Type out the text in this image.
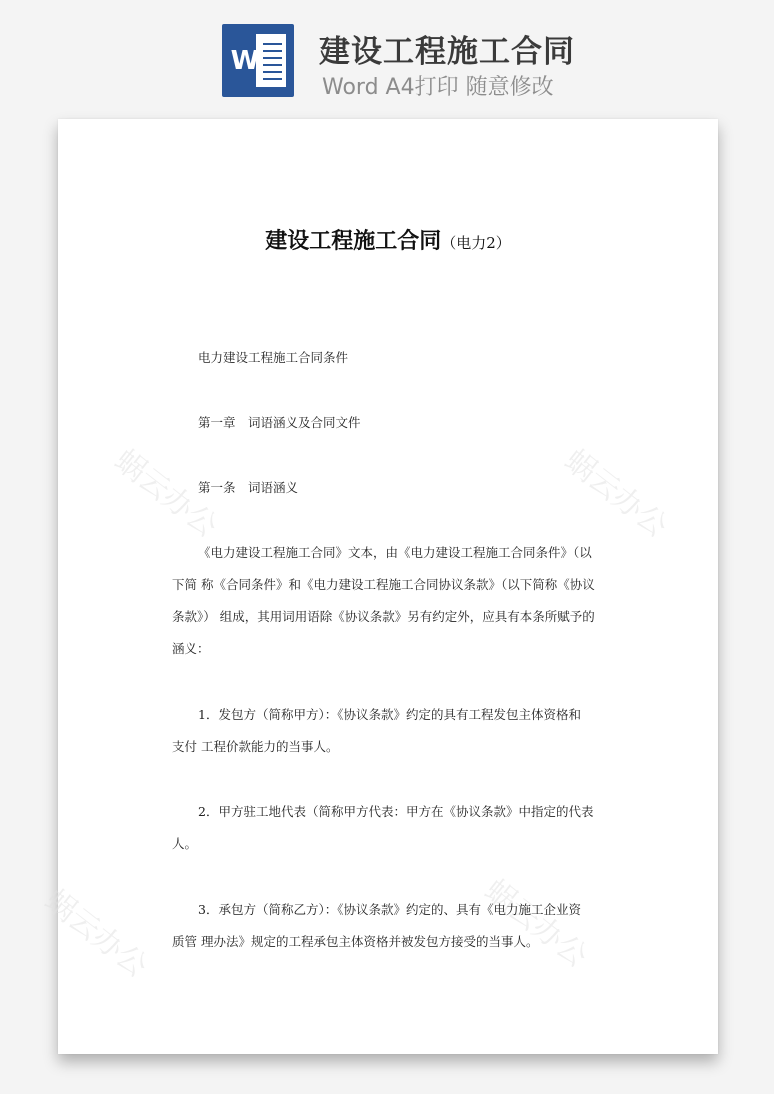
W 建设工程施工合同
Word A4打印 随意修改
蜗云办公	蜗云办公
蜗云办公	蜗云办公
建设工程施工合同（电力2）
电力建设工程施工合同条件
第一章　词语涵义及合同文件
第一条　词语涵义
《电力建设工程施工合同》文本，由《电力建设工程施工合同条件》（以
下简 称《合同条件》和《电力建设工程施工合同协议条款》（以下简称《协议
条款》） 组成，其用词用语除《协议条款》另有约定外，应具有本条所赋予的
涵义：
1．发包方（简称甲方）：《协议条款》约定的具有工程发包主体资格和
支付 工程价款能力的当事人。
2．甲方驻工地代表（简称甲方代表：甲方在《协议条款》中指定的代表
人。
3．承包方（简称乙方）：《协议条款》约定的、具有《电力施工企业资
质管 理办法》规定的工程承包主体资格并被发包方接受的当事人。
